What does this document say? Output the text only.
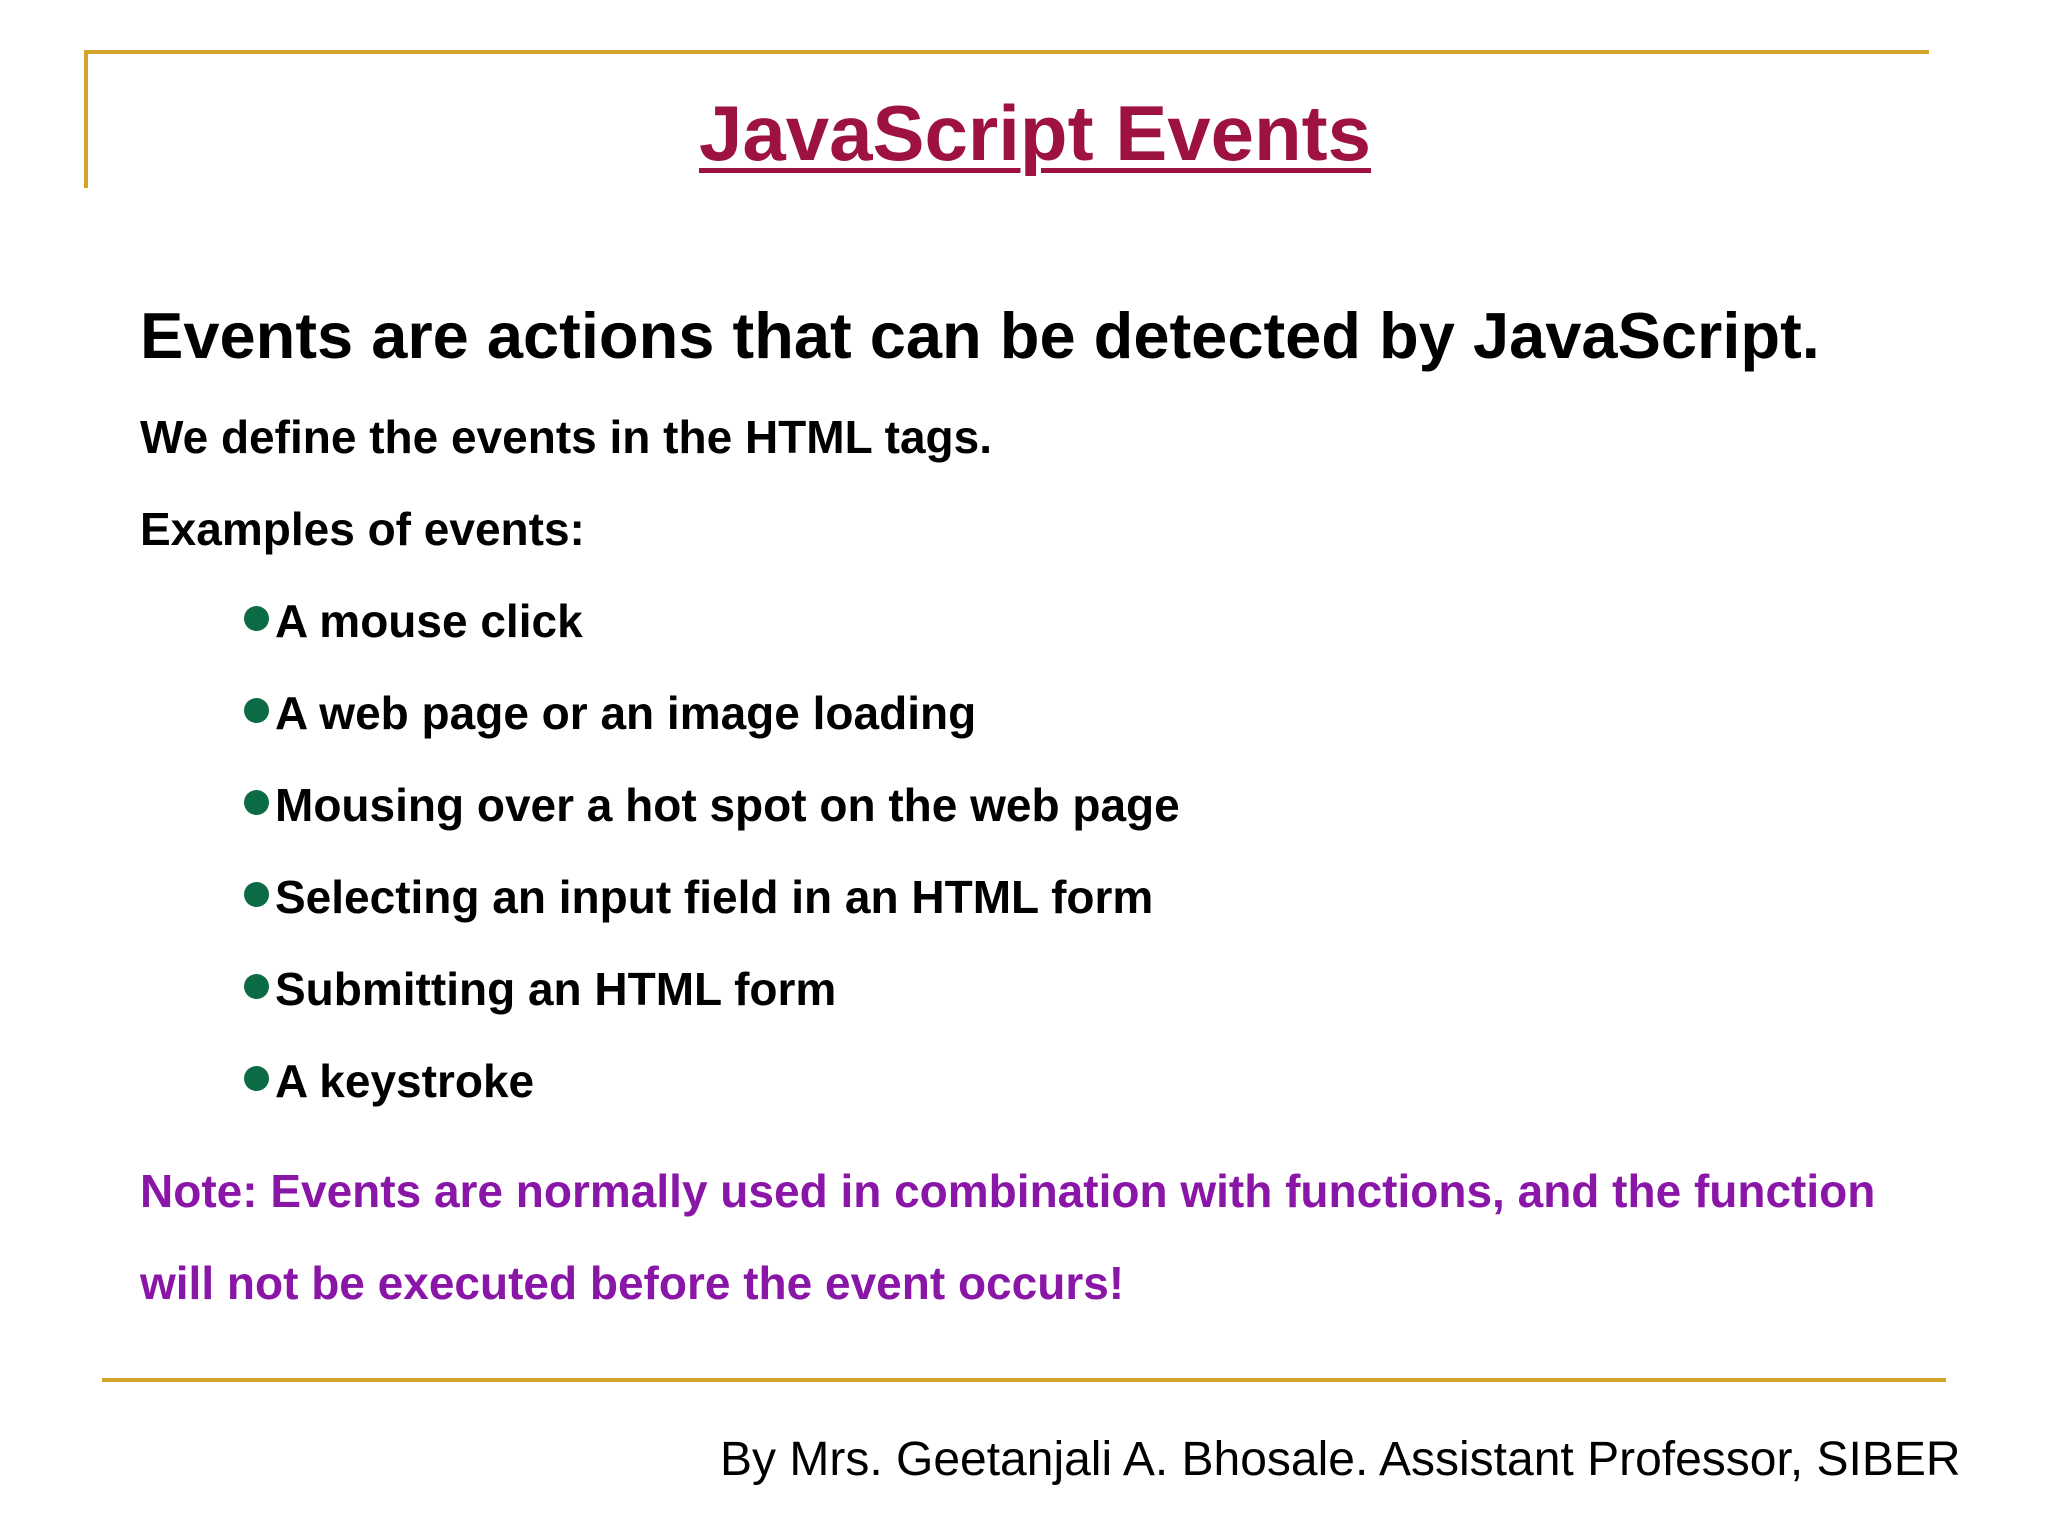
JavaScript Events

Events are actions that can be detected by JavaScript.

We define the events in the HTML tags.

Examples of events:

A mouse click
A web page or an image loading
Mousing over a hot spot on the web page
Selecting an input field in an HTML form
Submitting an HTML form
A keystroke

Note: Events are normally used in combination with functions, and the function will not be executed before the event occurs!

By Mrs. Geetanjali A. Bhosale. Assistant Professor, SIBER
